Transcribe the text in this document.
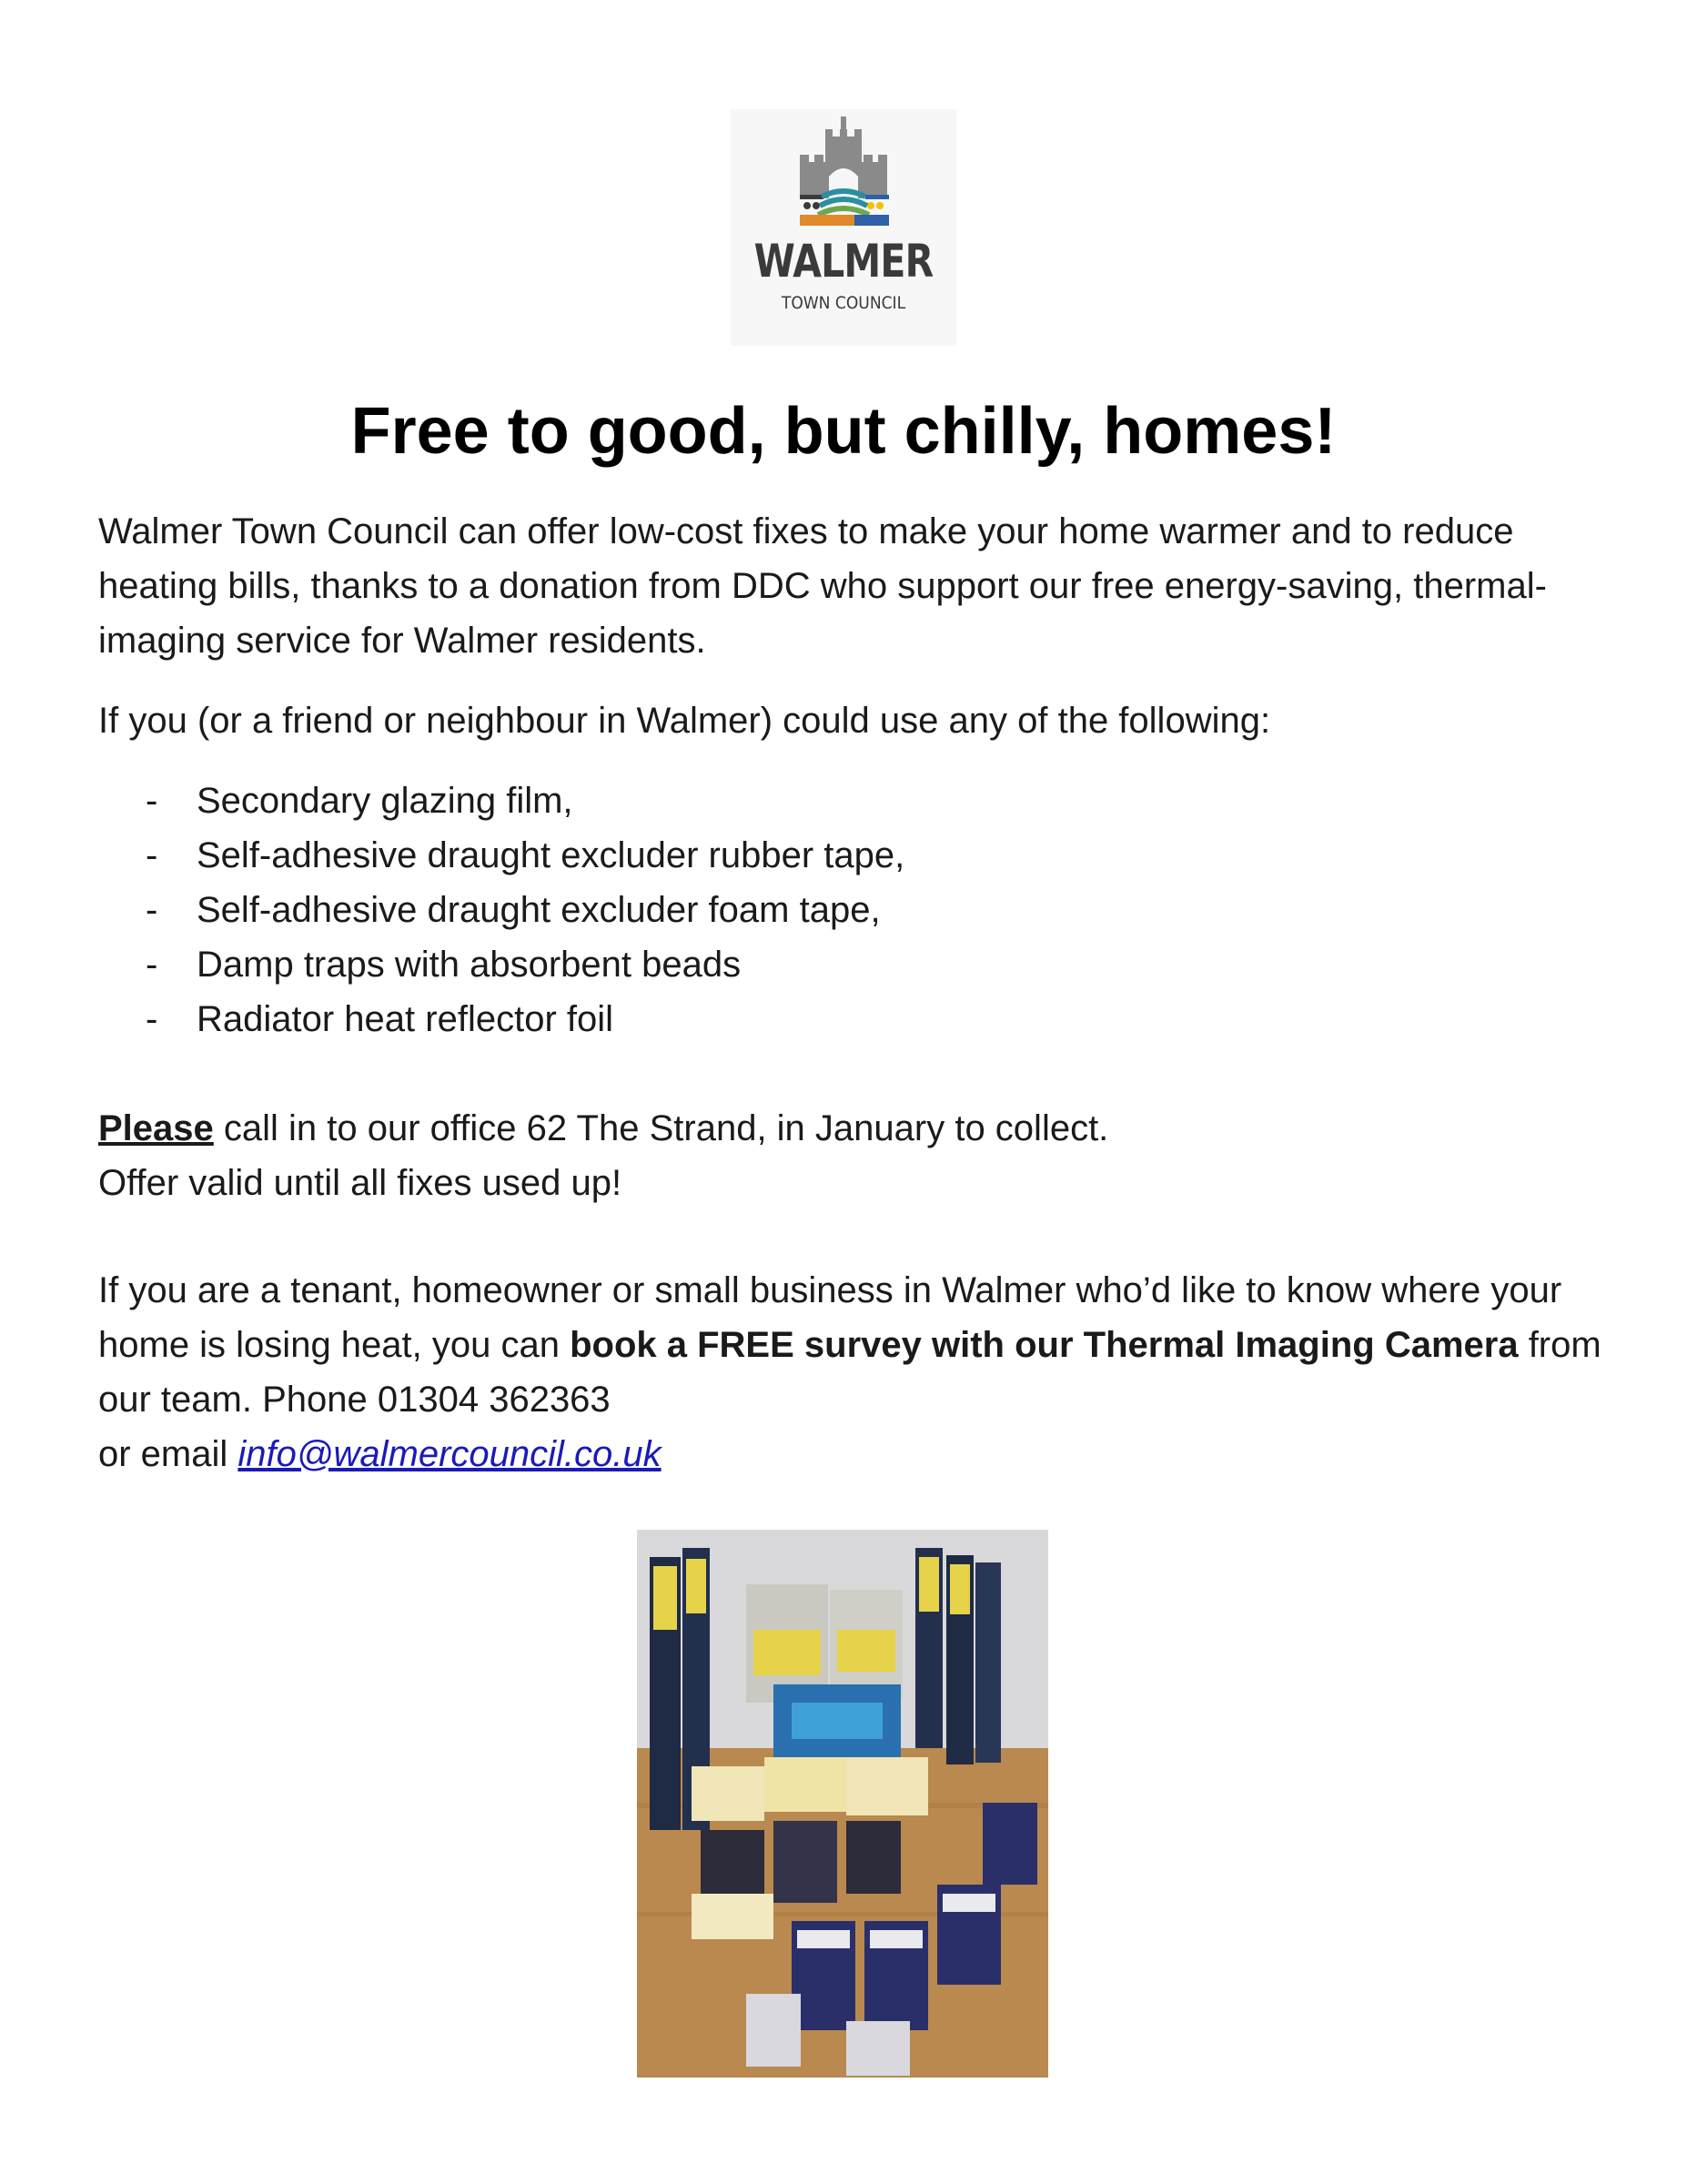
WALMER
TOWN COUNCIL
Free to good, but chilly, homes!

Walmer Town Council can offer low-cost fixes to make your home warmer and to reduce heating bills, thanks to a donation from DDC who support our free energy-saving, thermal-imaging service for Walmer residents.

If you (or a friend or neighbour in Walmer) could use any of the following:

- Secondary glazing film,
- Self-adhesive draught excluder rubber tape,
- Self-adhesive draught excluder foam tape,
- Damp traps with absorbent beads
- Radiator heat reflector foil

Please call in to our office 62 The Strand, in January to collect.

Offer valid until all fixes used up!

If you are a tenant, homeowner or small business in Walmer who’d like to know where your home is losing heat, you can book a FREE survey with our Thermal Imaging Camera from our team. Phone 01304 362363

or email info@walmercouncil.co.uk
